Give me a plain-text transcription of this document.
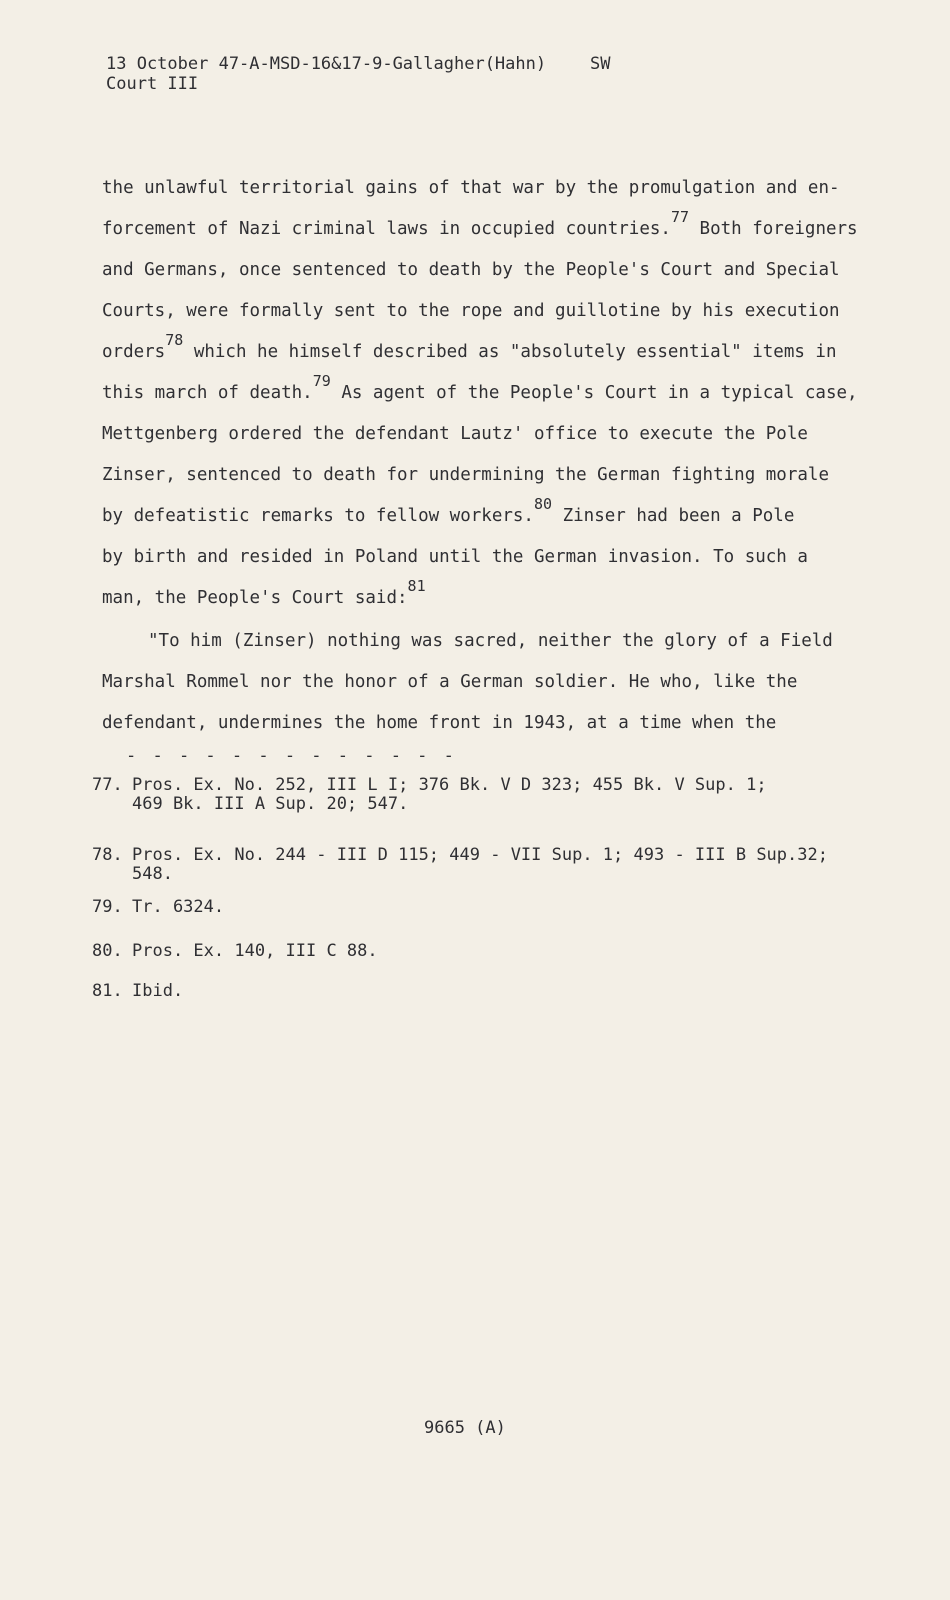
13 October 47-A-MSD-16&17-9-Gallagher(Hahn)	SW
Court III
the unlawful territorial gains of that war by the promulgation and en-
forcement of Nazi criminal laws in occupied countries.77 Both foreigners
and Germans, once sentenced to death by the People's Court and Special
Courts, were formally sent to the rope and guillotine by his execution
orders78 which he himself described as "absolutely essential" items in
this march of death.79 As agent of the People's Court in a typical case,
Mettgenberg ordered the defendant Lautz' office to execute the Pole
Zinser, sentenced to death for undermining the German fighting morale
by defeatistic remarks to fellow workers.80 Zinser had been a Pole
by birth and resided in Poland until the German invasion. To such a
man, the People's Court said:81
"To him (Zinser) nothing was sacred, neither the glory of a Field
Marshal Rommel nor the honor of a German soldier. He who, like the
defendant, undermines the home front in 1943, at a time when the
- - - - - - - - - - - - -
77. Pros. Ex. No. 252, III L I; 376 Bk. V D 323; 455 Bk. V Sup. 1;
469 Bk. III A Sup. 20; 547.
78. Pros. Ex. No. 244 - III D 115; 449 - VII Sup. 1; 493 - III B Sup.32;
548.
79. Tr. 6324.
80. Pros. Ex. 140, III C 88.
81. Ibid.
9665 (A)
